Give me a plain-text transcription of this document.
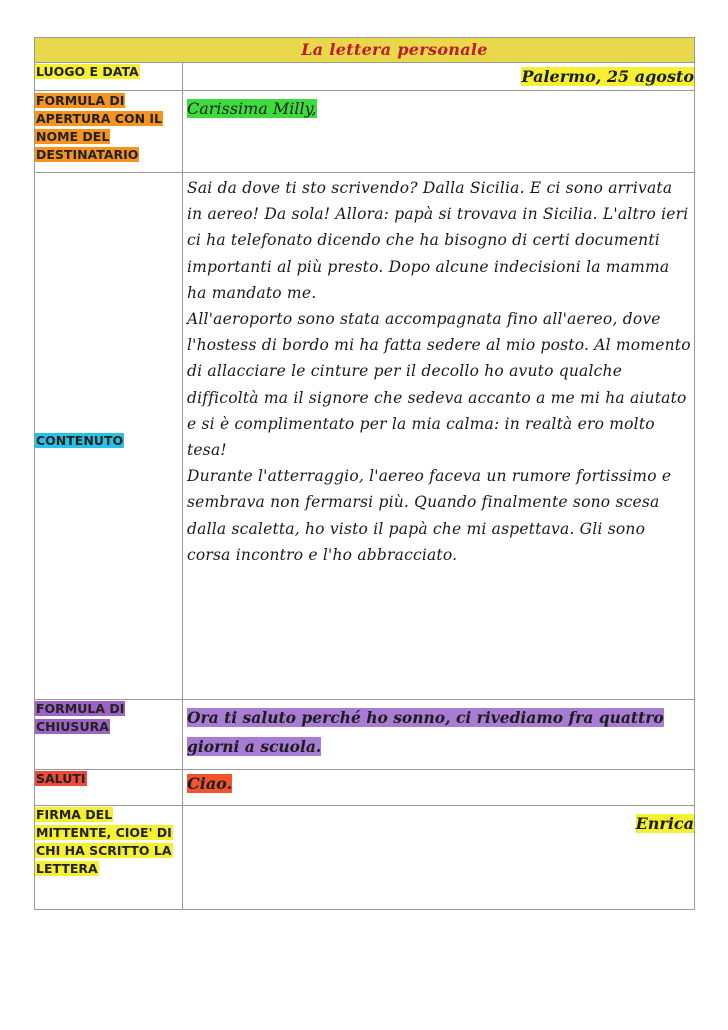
La lettera personale	
LUOGO E DATA	Palermo, 25 agosto
FORMULA DI APERTURA CON IL NOME DEL DESTINATARIO	Carissima Milly,
CONTENUTO	Sai da dove ti sto scrivendo? Dalla Sicilia. E ci sono arrivata in aereo! Da sola! Allora: papà si trovava in Sicilia. L'altro ieri ci ha telefonato dicendo che ha bisogno di certi documenti importanti al più presto. Dopo alcune indecisioni la mamma ha mandato me.

All'aeroporto sono stata accompagnata fino all'aereo, dove l'hostess di bordo mi ha fatta sedere al mio posto. Al momento di allacciare le cinture per il decollo ho avuto qualche difficoltà ma il signore che sedeva accanto a me mi ha aiutato e si è complimentato per la mia calma: in realtà ero molto tesa!

Durante l'atterraggio, l'aereo faceva un rumore fortissimo e sembrava non fermarsi più. Quando finalmente sono scesa dalla scaletta, ho visto il papà che mi aspettava. Gli sono corsa incontro e l'ho abbracciato.

FORMULA DI CHIUSURA	Ora ti saluto perché ho sonno, ci rivediamo fra quattro giorni a scuola.
SALUTI	Ciao.
FIRMA DEL MITTENTE, CIOE' DI CHI HA SCRITTO LA LETTERA	Enrica
